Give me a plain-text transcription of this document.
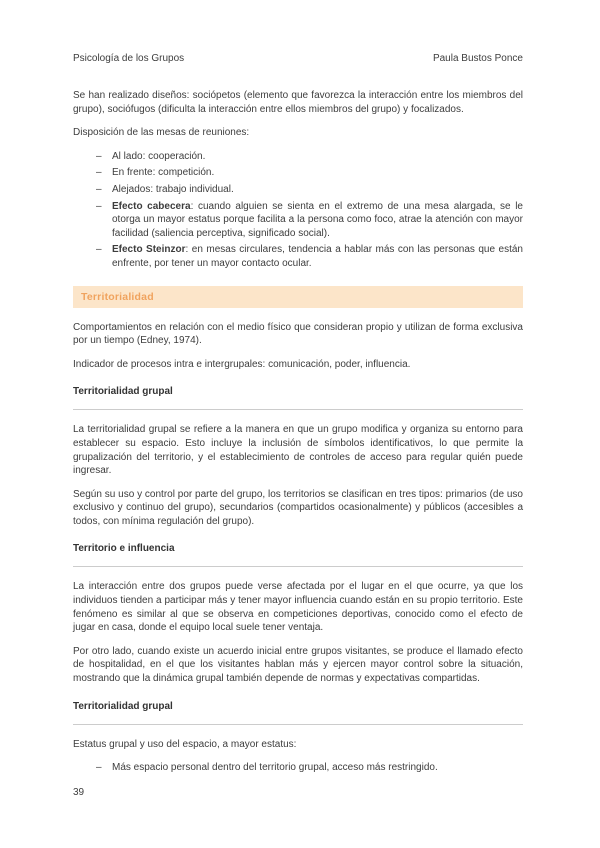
Psicología de los Grupos	Paula Bustos Ponce

Se han realizado diseños: sociópetos (elemento que favorezca la interacción entre los miembros del grupo), sociófugos (dificulta la interacción entre ellos miembros del grupo) y focalizados.

Disposición de las mesas de reuniones:

–	Al lado: cooperación.
–	En frente: competición.
–	Alejados: trabajo individual.
–	Efecto cabecera: cuando alguien se sienta en el extremo de una mesa alargada, se le otorga un mayor estatus porque facilita a la persona como foco, atrae la atención con mayor facilidad (saliencia perceptiva, significado social).
–	Efecto Steinzor: en mesas circulares, tendencia a hablar más con las personas que están enfrente, por tener un mayor contacto ocular.
Territorialidad

Comportamientos en relación con el medio físico que consideran propio y utilizan de forma exclusiva por un tiempo (Edney, 1974).

Indicador de procesos intra e intergrupales: comunicación, poder, influencia.

Territorialidad grupal

La territorialidad grupal se refiere a la manera en que un grupo modifica y organiza su entorno para establecer su espacio. Esto incluye la inclusión de símbolos identificativos, lo que permite la grupalización del territorio, y el establecimiento de controles de acceso para regular quién puede ingresar.

Según su uso y control por parte del grupo, los territorios se clasifican en tres tipos: primarios (de uso exclusivo y continuo del grupo), secundarios (compartidos ocasionalmente) y públicos (accesibles a todos, con mínima regulación del grupo).

Territorio e influencia

La interacción entre dos grupos puede verse afectada por el lugar en el que ocurre, ya que los individuos tienden a participar más y tener mayor influencia cuando están en su propio territorio. Este fenómeno es similar al que se observa en competiciones deportivas, conocido como el efecto de jugar en casa, donde el equipo local suele tener ventaja.

Por otro lado, cuando existe un acuerdo inicial entre grupos visitantes, se produce el llamado efecto de hospitalidad, en el que los visitantes hablan más y ejercen mayor control sobre la situación, mostrando que la dinámica grupal también depende de normas y expectativas compartidas.

Territorialidad grupal

Estatus grupal y uso del espacio, a mayor estatus:

–	Más espacio personal dentro del territorio grupal, acceso más restringido.
39
